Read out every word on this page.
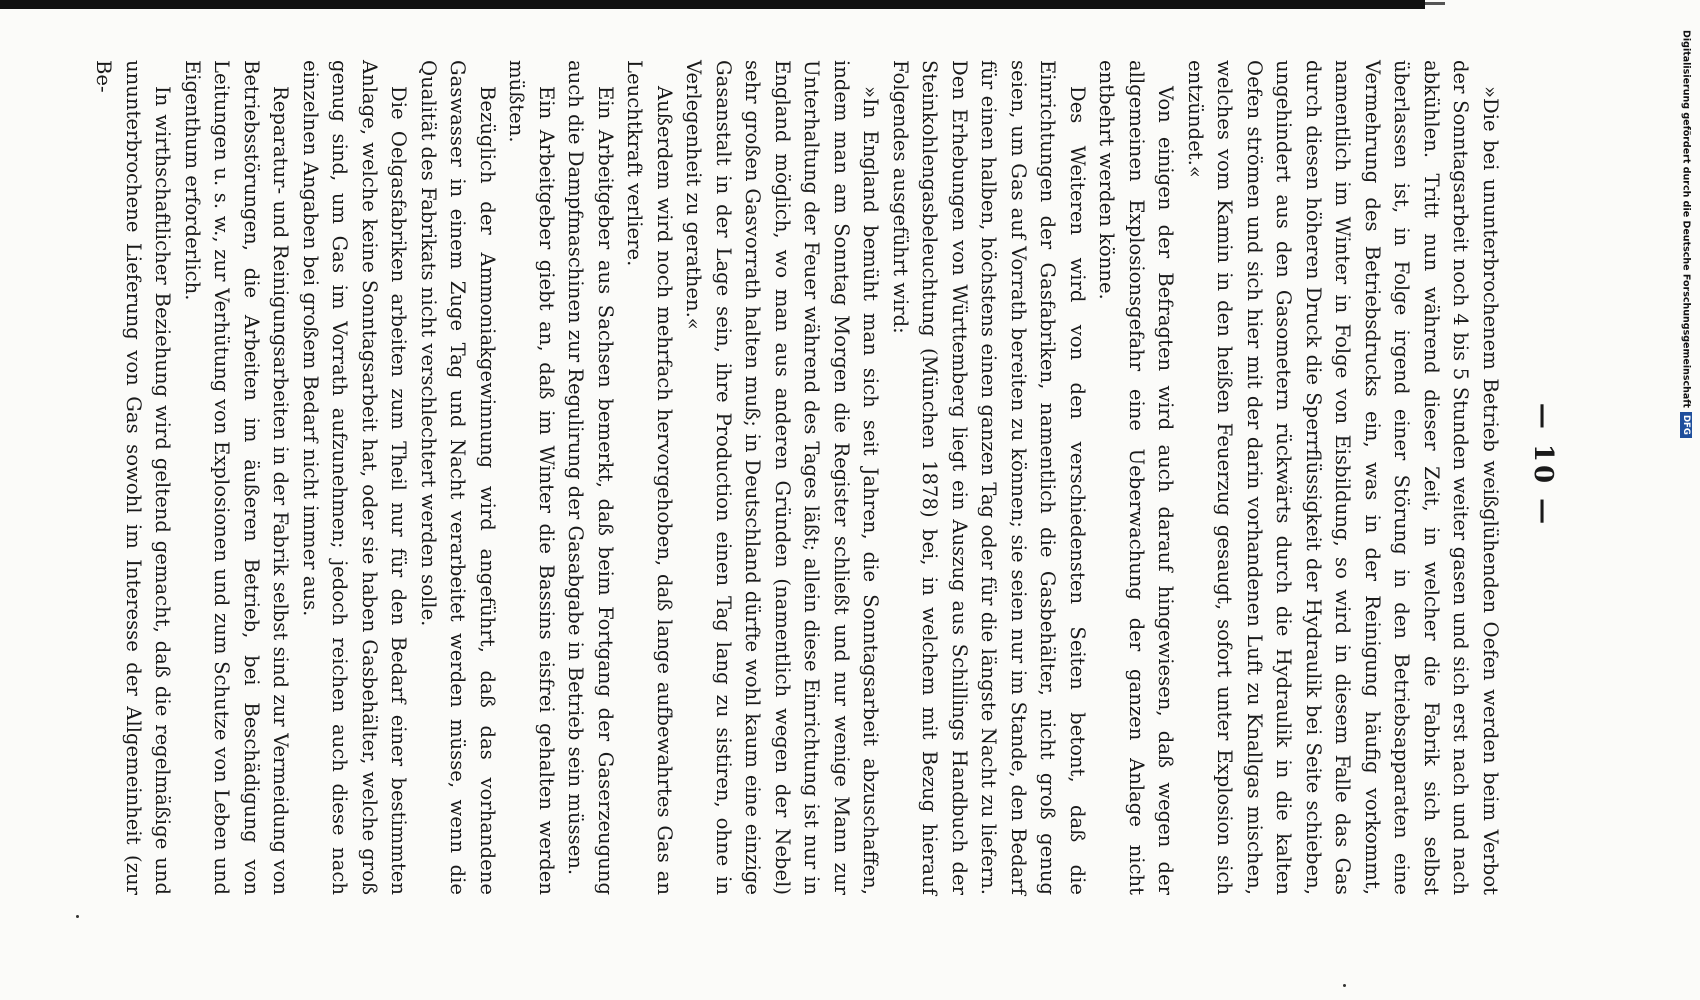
— 10 —

»Die bei ununterbrochenem Betrieb weißglühenden Oefen werden beim Verbot der Sonntagsarbeit noch 4 bis 5 Stunden weiter gasen und sich erst nach und nach abkühlen. Tritt nun während dieser Zeit, in welcher die Fabrik sich selbst überlassen ist, in Folge irgend einer Störung in den Betriebsapparaten eine Vermehrung des Betriebsdrucks ein, was in der Reinigung häufig vorkommt, namentlich im Winter in Folge von Eisbildung, so wird in diesem Falle das Gas durch diesen höheren Druck die Sperrflüssigkeit der Hydraulik bei Seite schieben, ungehindert aus den Gasometern rückwärts durch die Hydraulik in die kalten Oefen strömen und sich hier mit der darin vorhandenen Luft zu Knallgas mischen, welches vom Kamin in den heißen Feuerzug gesaugt, sofort unter Explosion sich entzündet.«

Von einigen der Befragten wird auch darauf hingewiesen, daß wegen der allgemeinen Explosionsgefahr eine Ueberwachung der ganzen Anlage nicht entbehrt werden könne.

Des Weiteren wird von den verschiedensten Seiten betont, daß die Einrichtungen der Gasfabriken, namentlich die Gasbehälter, nicht groß genug seien, um Gas auf Vorrath bereiten zu können; sie seien nur im Stande, den Bedarf für einen halben, höchstens einen ganzen Tag oder für die längste Nacht zu liefern. Den Erhebungen von Württemberg liegt ein Auszug aus Schillings Handbuch der Steinkohlengasbeleuchtung (München 1878) bei, in welchem mit Bezug hierauf Folgendes ausgeführt wird:

»In England bemüht man sich seit Jahren, die Sonntagsarbeit abzuschaffen, indem man am Sonntag Morgen die Register schließt und nur wenige Mann zur Unterhaltung der Feuer während des Tages läßt; allein diese Einrichtung ist nur in England möglich, wo man aus anderen Gründen (namentlich wegen der Nebel) sehr großen Gasvorrath halten muß; in Deutschland dürfte wohl kaum eine einzige Gasanstalt in der Lage sein, ihre Production einen Tag lang zu sistiren, ohne in Verlegenheit zu gerathen.«

Außerdem wird noch mehrfach hervorgehoben, daß lange aufbewahrtes Gas an Leuchtkraft verliere.

Ein Arbeitgeber aus Sachsen bemerkt, daß beim Fortgang der Gaserzeugung auch die Dampfmaschinen zur Regulirung der Gasabgabe in Betrieb sein müssen.

Ein Arbeitgeber giebt an, daß im Winter die Bassins eisfrei gehalten werden müßten.

Bezüglich der Ammoniakgewinnung wird angeführt, daß das vorhandene Gaswasser in einem Zuge Tag und Nacht verarbeitet werden müsse, wenn die Qualität des Fabrikats nicht verschlechtert werden solle.

Die Oelgasfabriken arbeiten zum Theil nur für den Bedarf einer bestimmten Anlage, welche keine Sonntagsarbeit hat, oder sie haben Gasbehälter, welche groß genug sind, um Gas im Vorrath aufzunehmen; jedoch reichen auch diese nach einzelnen Angaben bei großem Bedarf nicht immer aus.

Reparatur- und Reinigungsarbeiten in der Fabrik selbst sind zur Vermeidung von Betriebsstörungen, die Arbeiten im äußeren Betrieb, bei Beschädigung von Leitungen u. s. w., zur Verhütung von Explosionen und zum Schutze von Leben und Eigenthum erforderlich.

In wirthschaftlicher Beziehung wird geltend gemacht, daß die regelmäßige und ununterbrochene Lieferung von Gas sowohl im Interesse der Allgemeinheit (zur Be-	Digitalisierung gefördert durch die Deutsche ForschungsgemeinschaftDFG
